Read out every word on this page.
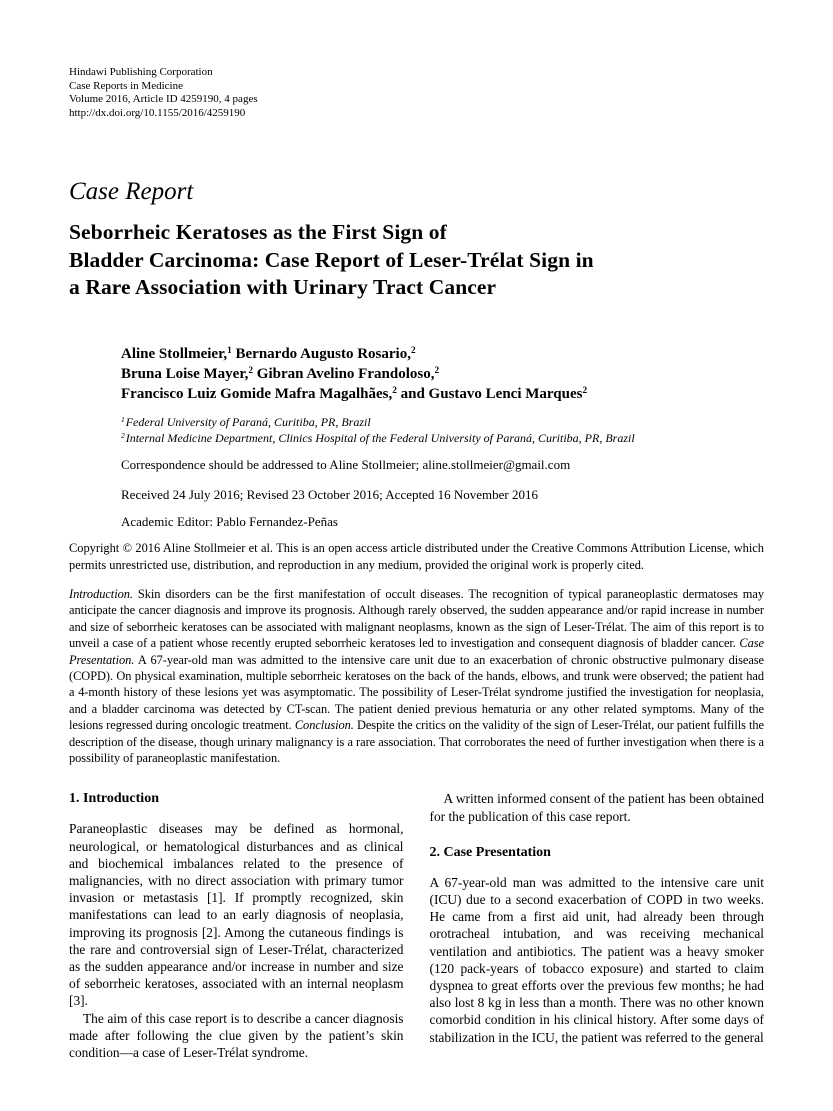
Hindawi Publishing Corporation
Case Reports in Medicine
Volume 2016, Article ID 4259190, 4 pages
http://dx.doi.org/10.1155/2016/4259190
Case Report
Seborrheic Keratoses as the First Sign of
Bladder Carcinoma: Case Report of Leser-Trélat Sign in
a Rare Association with Urinary Tract Cancer
Aline Stollmeier,$^1$ Bernardo Augusto Rosario,$^2$
Bruna Loise Mayer,$^2$ Gibran Avelino Frandoloso,$^2$
Francisco Luiz Gomide Mafra Magalhães,$^2$ and Gustavo Lenci Marques$^2$
$^1$Federal University of Paraná, Curitiba, PR, Brazil
$^2$Internal Medicine Department, Clinics Hospital of the Federal University of Paraná, Curitiba, PR, Brazil

Correspondence should be addressed to Aline Stollmeier; aline.stollmeier@gmail.com

Received 24 July 2016; Revised 23 October 2016; Accepted 16 November 2016

Academic Editor: Pablo Fernandez-Peñas

Copyright © 2016 Aline Stollmeier et al. This is an open access article distributed under the Creative Commons Attribution License, which permits unrestricted use, distribution, and reproduction in any medium, provided the original work is properly cited.

Introduction. Skin disorders can be the first manifestation of occult diseases. The recognition of typical paraneoplastic dermatoses may anticipate the cancer diagnosis and improve its prognosis. Although rarely observed, the sudden appearance and/or rapid increase in number and size of seborrheic keratoses can be associated with malignant neoplasms, known as the sign of Leser-Trélat. The aim of this report is to unveil a case of a patient whose recently erupted seborrheic keratoses led to investigation and consequent diagnosis of bladder cancer. Case Presentation. A 67-year-old man was admitted to the intensive care unit due to an exacerbation of chronic obstructive pulmonary disease (COPD). On physical examination, multiple seborrheic keratoses on the back of the hands, elbows, and trunk were observed; the patient had a 4-month history of these lesions yet was asymptomatic. The possibility of Leser-Trélat syndrome justified the investigation for neoplasia, and a bladder carcinoma was detected by CT-scan. The patient denied previous hematuria or any other related symptoms. Many of the lesions regressed during oncologic treatment. Conclusion. Despite the critics on the validity of the sign of Leser-Trélat, our patient fulfills the description of the disease, though urinary malignancy is a rare association. That corroborates the need of further investigation when there is a possibility of paraneoplastic manifestation.

1. Introduction

Paraneoplastic diseases may be defined as hormonal, neurological, or hematological disturbances and as clinical and biochemical imbalances related to the presence of malignancies, with no direct association with primary tumor invasion or metastasis [1]. If promptly recognized, skin manifestations can lead to an early diagnosis of neoplasia, improving its prognosis [2]. Among the cutaneous findings is the rare and controversial sign of Leser-Trélat, characterized as the sudden appearance and/or increase in number and size of seborrheic keratoses, associated with an internal neoplasm [3].

The aim of this case report is to describe a cancer diagnosis made after following the clue given by the patient’s skin condition—a case of Leser-Trélat syndrome.

A written informed consent of the patient has been obtained for the publication of this case report.

2. Case Presentation

A 67-year-old man was admitted to the intensive care unit (ICU) due to a second exacerbation of COPD in two weeks. He came from a first aid unit, had already been through orotracheal intubation, and was receiving mechanical ventilation and antibiotics. The patient was a heavy smoker (120 pack-years of tobacco exposure) and started to claim dyspnea to great efforts over the previous few months; he had also lost 8 kg in less than a month. There was no other known comorbid condition in his clinical history. After some days of stabilization in the ICU, the patient was referred to the general
